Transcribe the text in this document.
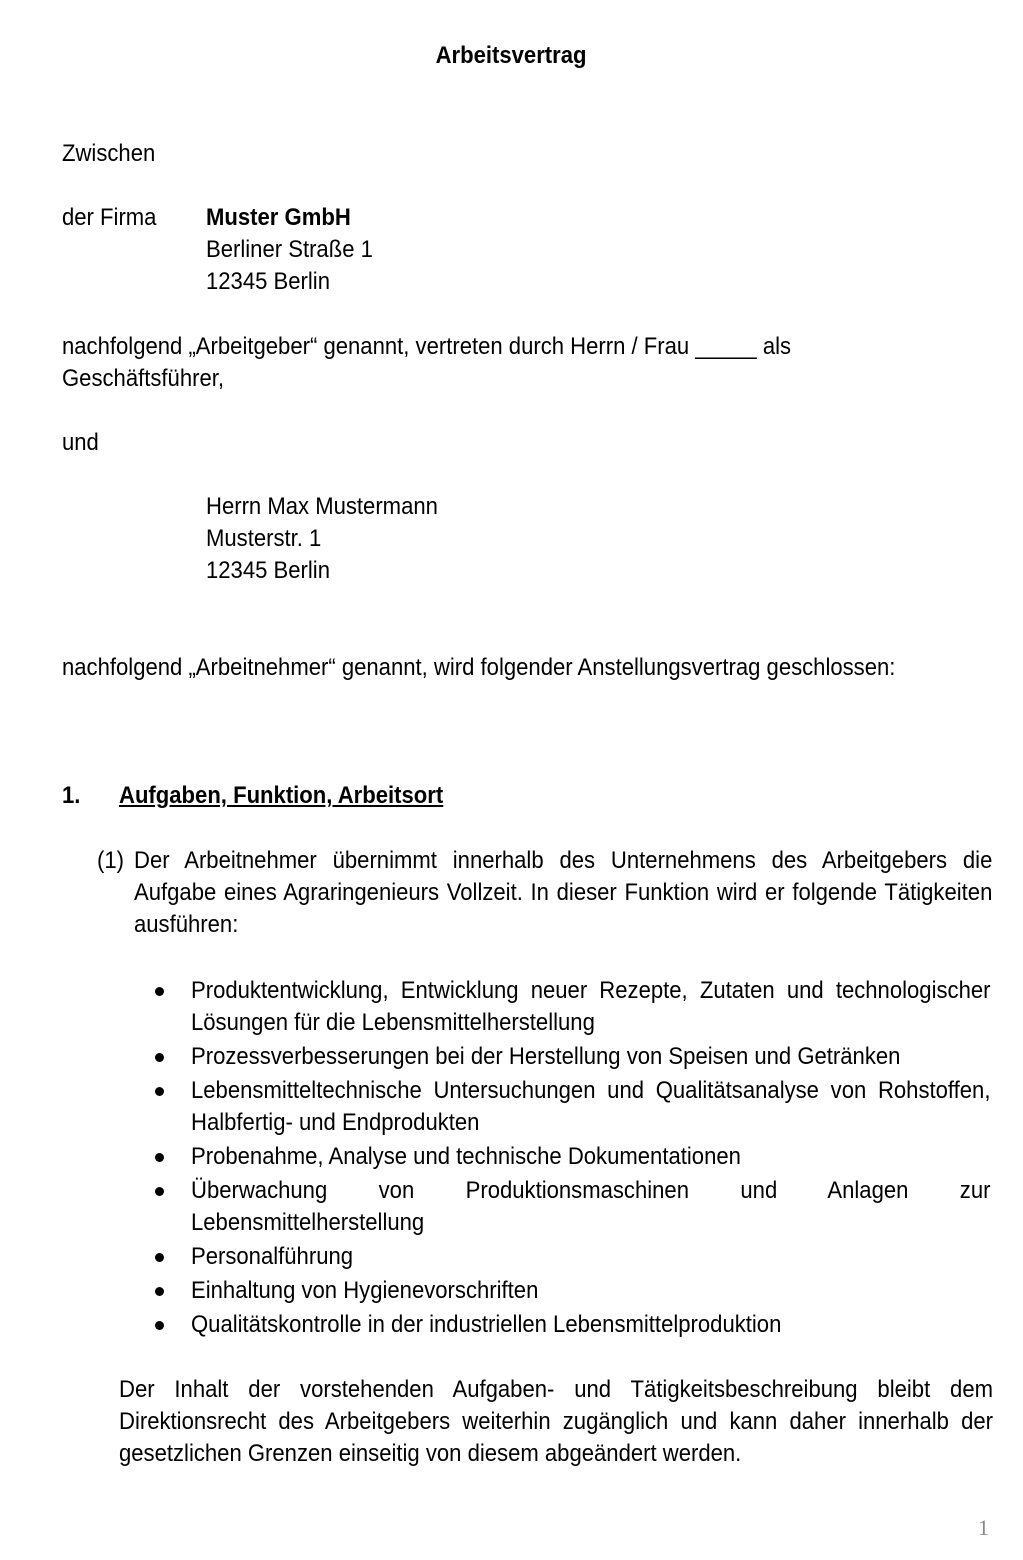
Arbeitsvertrag
Zwischen
der Firma	Muster GmbH
Berliner Straße 1
12345 Berlin
nachfolgend „Arbeitgeber“ genannt, vertreten durch Herrn / Frau _____ als
Geschäftsführer,
und
Herrn Max Mustermann
Musterstr. 1
12345 Berlin
nachfolgend „Arbeitnehmer“ genannt, wird folgender Anstellungsvertrag geschlossen:
1. Aufgaben, Funktion, Arbeitsort
(1) Der Arbeitnehmer übernimmt innerhalb des Unternehmens des Arbeitgebers die Aufgabe eines Agraringenieurs Vollzeit. In dieser Funktion wird er folgende Tätigkeiten ausführen:
Produktentwicklung, Entwicklung neuer Rezepte, Zutaten und technologischer Lösungen für die Lebensmittelherstellung
Prozessverbesserungen bei der Herstellung von Speisen und Getränken
Lebensmitteltechnische Untersuchungen und Qualitätsanalyse von Rohstoffen, Halbfertig- und Endprodukten
Probenahme, Analyse und technische Dokumentationen
Überwachung von Produktionsmaschinen und Anlagen zur Lebensmittelherstellung
Personalführung
Einhaltung von Hygienevorschriften
Qualitätskontrolle in der industriellen Lebensmittelproduktion
Der Inhalt der vorstehenden Aufgaben- und Tätigkeitsbeschreibung bleibt dem Direktionsrecht des Arbeitgebers weiterhin zugänglich und kann daher innerhalb der gesetzlichen Grenzen einseitig von diesem abgeändert werden.
1
